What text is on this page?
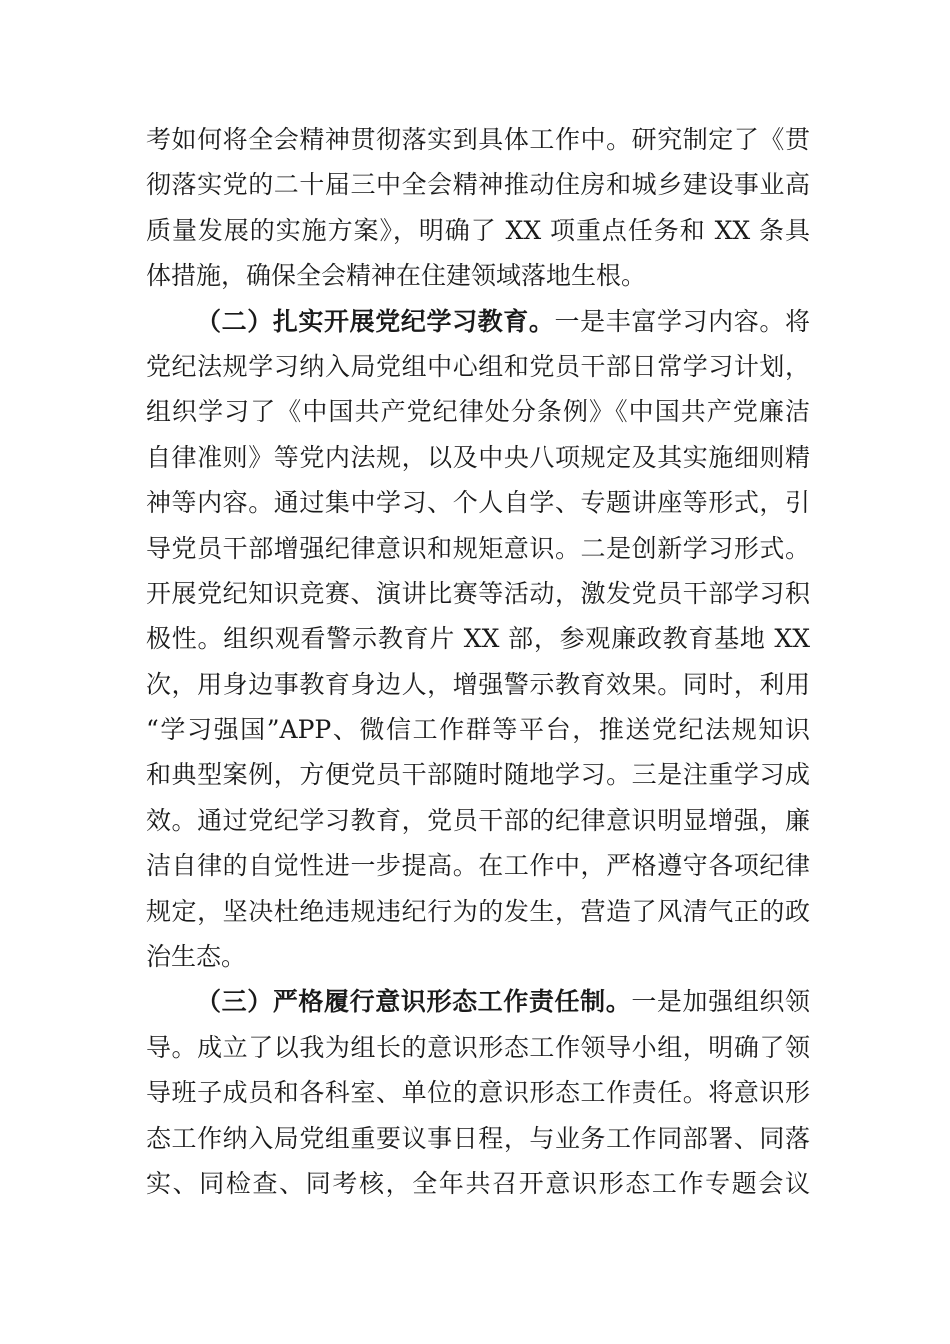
考如何将全会精神贯彻落实到具体工作中。研究制定了《贯
彻落实党的二十届三中全会精神推动住房和城乡建设事业高
质量发展的实施方案》，明确了 XX 项重点任务和 XX 条具
体措施，确保全会精神在住建领域落地生根。
（二）扎实开展党纪学习教育。一是丰富学习内容。将
党纪法规学习纳入局党组中心组和党员干部日常学习计划，
组织学习了《中国共产党纪律处分条例》《中国共产党廉洁
自律准则》等党内法规，以及中央八项规定及其实施细则精
神等内容。通过集中学习、个人自学、专题讲座等形式，引
导党员干部增强纪律意识和规矩意识。二是创新学习形式。
开展党纪知识竞赛、演讲比赛等活动，激发党员干部学习积
极性。组织观看警示教育片 XX 部，参观廉政教育基地 XX
次，用身边事教育身边人，增强警示教育效果。同时，利用
“学习强国”APP、微信工作群等平台，推送党纪法规知识
和典型案例，方便党员干部随时随地学习。三是注重学习成
效。通过党纪学习教育，党员干部的纪律意识明显增强，廉
洁自律的自觉性进一步提高。在工作中，严格遵守各项纪律
规定，坚决杜绝违规违纪行为的发生，营造了风清气正的政
治生态。
（三）严格履行意识形态工作责任制。一是加强组织领
导。成立了以我为组长的意识形态工作领导小组，明确了领
导班子成员和各科室、单位的意识形态工作责任。将意识形
态工作纳入局党组重要议事日程，与业务工作同部署、同落
实、同检查、同考核，全年共召开意识形态工作专题会议
